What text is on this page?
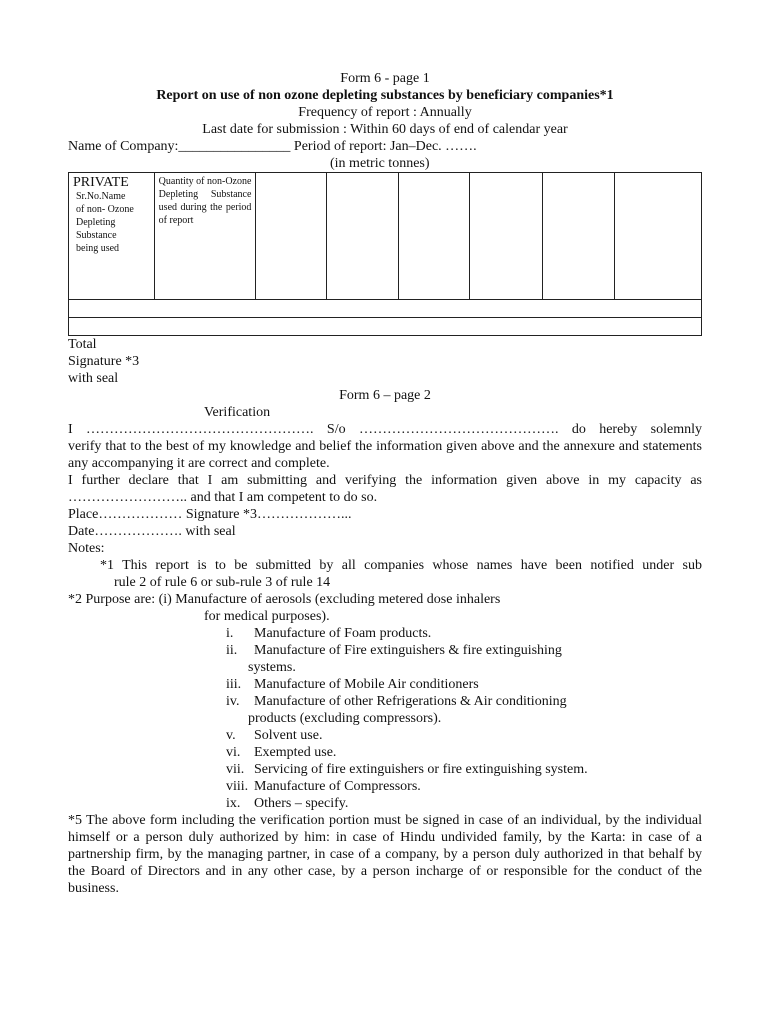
Form 6 - page 1
Report on use of non ozone depleting substances by beneficiary companies*1
Frequency of report : Annually
Last date for submission : Within 60 days of end of calendar year
Name of Company:________________ Period of report: Jan–Dec. …….
(in metric tonnes)
PRIVATE
Sr.No.Name of non- Ozone Depleting Substance being used
	Quantity of non-Ozone Depleting Substance used during the period of report						

Total
Signature *3
with seal
Form 6 – page 2
Verification
I …………………………………………. S/o ……………………………………. do hereby solemnly
verify that to the best of my knowledge and belief the information given above and the annexure and statements any accompanying it are correct and complete.
I further declare that I am submitting and verifying the information given above in my capacity as
…………………….. and that I am competent to do so.
Place……………… Signature *3………………...
Date………………. with seal
Notes:
*1 This report is to be submitted by all companies whose names have been notified under sub
rule 2 of rule 6 or sub-rule 3 of rule 14
*2 Purpose are: (i) Manufacture of aerosols (excluding metered dose inhalers
for medical purposes).
i. Manufacture of Foam products.
ii. Manufacture of Fire extinguishers & fire extinguishing
systems.
iii. Manufacture of Mobile Air conditioners
iv. Manufacture of other Refrigerations & Air conditioning
products (excluding compressors).
v. Solvent use.
vi. Exempted use.
vii. Servicing of fire extinguishers or fire extinguishing system.
viii. Manufacture of Compressors.
ix. Others – specify.
*5 The above form including the verification portion must be signed in case of an individual, by the individual himself or a person duly authorized by him: in case of Hindu undivided family, by the Karta: in case of a partnership firm, by the managing partner, in case of a company, by a person duly authorized in that behalf by the Board of Directors and in any other case, by a person incharge of or responsible for the conduct of the business.
